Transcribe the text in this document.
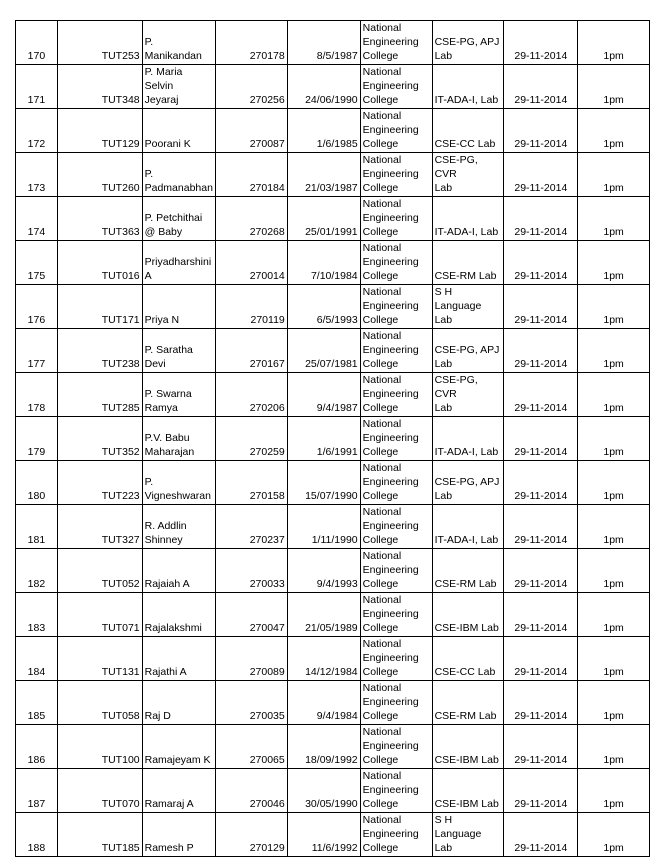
170	TUT253	P.
Manikandan	270178	8/5/1987	National
Engineering
College	CSE-PG, APJ
Lab	29-11-2014	1pm
171	TUT348	P. Maria Selvin
Jeyaraj	270256	24/06/1990	National
Engineering
College	IT-ADA-I, Lab	29-11-2014	1pm
172	TUT129	Poorani K	270087	1/6/1985	National
Engineering
College	CSE-CC Lab	29-11-2014	1pm
173	TUT260	P.
Padmanabhan	270184	21/03/1987	National
Engineering
College	CSE-PG, CVR
Lab	29-11-2014	1pm
174	TUT363	P. Petchithai
@ Baby	270268	25/01/1991	National
Engineering
College	IT-ADA-I, Lab	29-11-2014	1pm
175	TUT016	Priyadharshini
A	270014	7/10/1984	National
Engineering
College	CSE-RM Lab	29-11-2014	1pm
176	TUT171	Priya N	270119	6/5/1993	National
Engineering
College	S H Language
Lab	29-11-2014	1pm
177	TUT238	P. Saratha
Devi	270167	25/07/1981	National
Engineering
College	CSE-PG, APJ
Lab	29-11-2014	1pm
178	TUT285	P. Swarna
Ramya	270206	9/4/1987	National
Engineering
College	CSE-PG, CVR
Lab	29-11-2014	1pm
179	TUT352	P.V. Babu
Maharajan	270259	1/6/1991	National
Engineering
College	IT-ADA-I, Lab	29-11-2014	1pm
180	TUT223	P.
Vigneshwaran	270158	15/07/1990	National
Engineering
College	CSE-PG, APJ
Lab	29-11-2014	1pm
181	TUT327	R. Addlin
Shinney	270237	1/11/1990	National
Engineering
College	IT-ADA-I, Lab	29-11-2014	1pm
182	TUT052	Rajaiah A	270033	9/4/1993	National
Engineering
College	CSE-RM Lab	29-11-2014	1pm
183	TUT071	Rajalakshmi	270047	21/05/1989	National
Engineering
College	CSE-IBM Lab	29-11-2014	1pm
184	TUT131	Rajathi A	270089	14/12/1984	National
Engineering
College	CSE-CC Lab	29-11-2014	1pm
185	TUT058	Raj D	270035	9/4/1984	National
Engineering
College	CSE-RM Lab	29-11-2014	1pm
186	TUT100	Ramajeyam K	270065	18/09/1992	National
Engineering
College	CSE-IBM Lab	29-11-2014	1pm
187	TUT070	Ramaraj A	270046	30/05/1990	National
Engineering
College	CSE-IBM Lab	29-11-2014	1pm
188	TUT185	Ramesh P	270129	11/6/1992	National
Engineering
College	S H Language
Lab	29-11-2014	1pm
